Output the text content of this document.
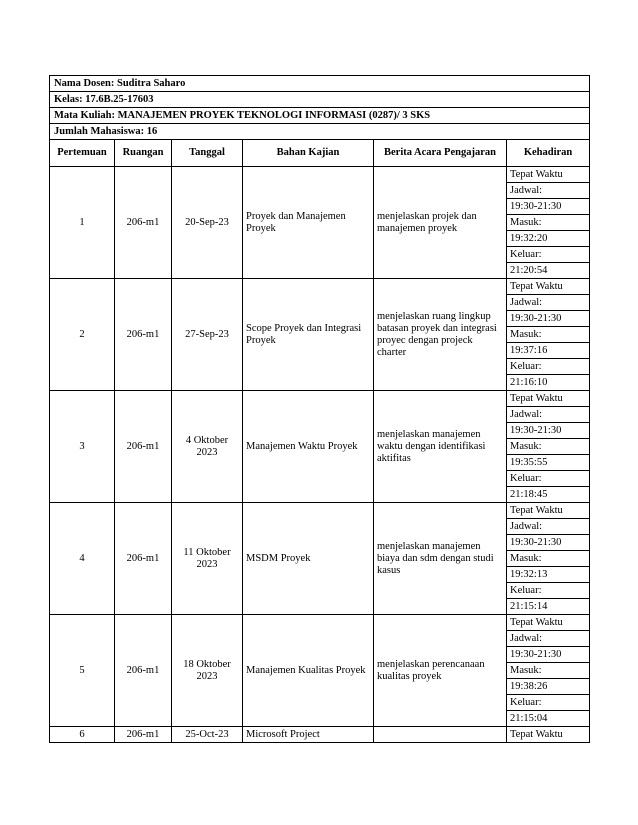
Nama Dosen: Suditra Saharo					
Kelas: 17.6B.25-17603					
Mata Kuliah: MANAJEMEN PROYEK TEKNOLOGI INFORMASI (0287)/ 3 SKS					
Jumlah Mahasiswa: 16					
Pertemuan	Ruangan	Tanggal	Bahan Kajian	Berita Acara Pengajaran	Kehadiran
1	206-m1	20-Sep-23	Proyek dan Manajemen Proyek	menjelaskan projek dan manajemen proyek	Tepat Waktu
					Jadwal:
					19:30-21:30
					Masuk:
					19:32:20
					Keluar:
					21:20:54
2	206-m1	27-Sep-23	Scope Proyek dan Integrasi Proyek	menjelaskan ruang lingkup batasan proyek dan integrasi proyec dengan projeck charter	Tepat Waktu
					Jadwal:
					19:30-21:30
					Masuk:
					19:37:16
					Keluar:
					21:16:10
3	206-m1	4 Oktober 2023	Manajemen Waktu Proyek	menjelaskan manajemen waktu dengan identifikasi aktifitas	Tepat Waktu
					Jadwal:
					19:30-21:30
					Masuk:
					19:35:55
					Keluar:
					21:18:45
4	206-m1	11 Oktober 2023	MSDM Proyek	menjelaskan manajemen biaya dan sdm dengan studi kasus	Tepat Waktu
					Jadwal:
					19:30-21:30
					Masuk:
					19:32:13
					Keluar:
					21:15:14
5	206-m1	18 Oktober 2023	Manajemen Kualitas Proyek	menjelaskan perencanaan kualitas proyek	Tepat Waktu
					Jadwal:
					19:30-21:30
					Masuk:
					19:38:26
					Keluar:
					21:15:04
6	206-m1	25-Oct-23	Microsoft Project		Tepat Waktu
